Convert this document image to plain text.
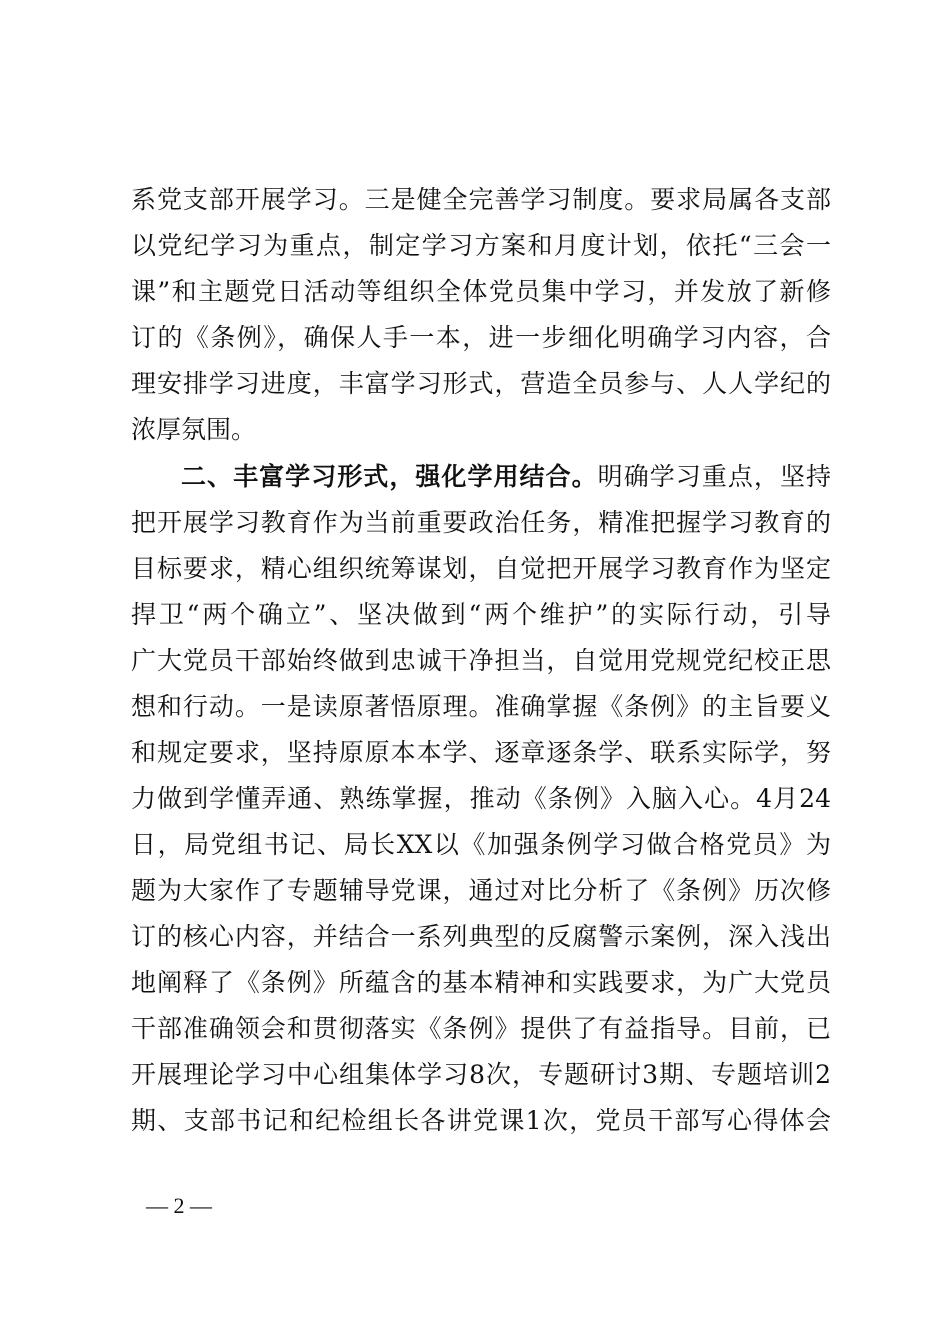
系党支部开展学习。三是健全完善学习制度。要求局属各支部
以党纪学习为重点，制定学习方案和月度计划，依托“三会一
课”和主题党日活动等组织全体党员集中学习，并发放了新修
订的《条例》，确保人手一本，进一步细化明确学习内容，合
理安排学习进度，丰富学习形式，营造全员参与、人人学纪的
浓厚氛围。
二、丰富学习形式，强化学用结合。明确学习重点，坚持
把开展学习教育作为当前重要政治任务，精准把握学习教育的
目标要求，精心组织统筹谋划，自觉把开展学习教育作为坚定
捍卫“两个确立”、坚决做到“两个维护”的实际行动，引导
广大党员干部始终做到忠诚干净担当，自觉用党规党纪校正思
想和行动。一是读原著悟原理。准确掌握《条例》的主旨要义
和规定要求，坚持原原本本学、逐章逐条学、联系实际学，努
力做到学懂弄通、熟练掌握，推动《条例》入脑入心。4月24
日，局党组书记、局长XX以《加强条例学习做合格党员》为
题为大家作了专题辅导党课，通过对比分析了《条例》历次修
订的核心内容，并结合一系列典型的反腐警示案例，深入浅出
地阐释了《条例》所蕴含的基本精神和实践要求，为广大党员
干部准确领会和贯彻落实《条例》提供了有益指导。目前，已
开展理论学习中心组集体学习8次，专题研讨3期、专题培训2
期、支部书记和纪检组长各讲党课1次，党员干部写心得体会
— 2 —
